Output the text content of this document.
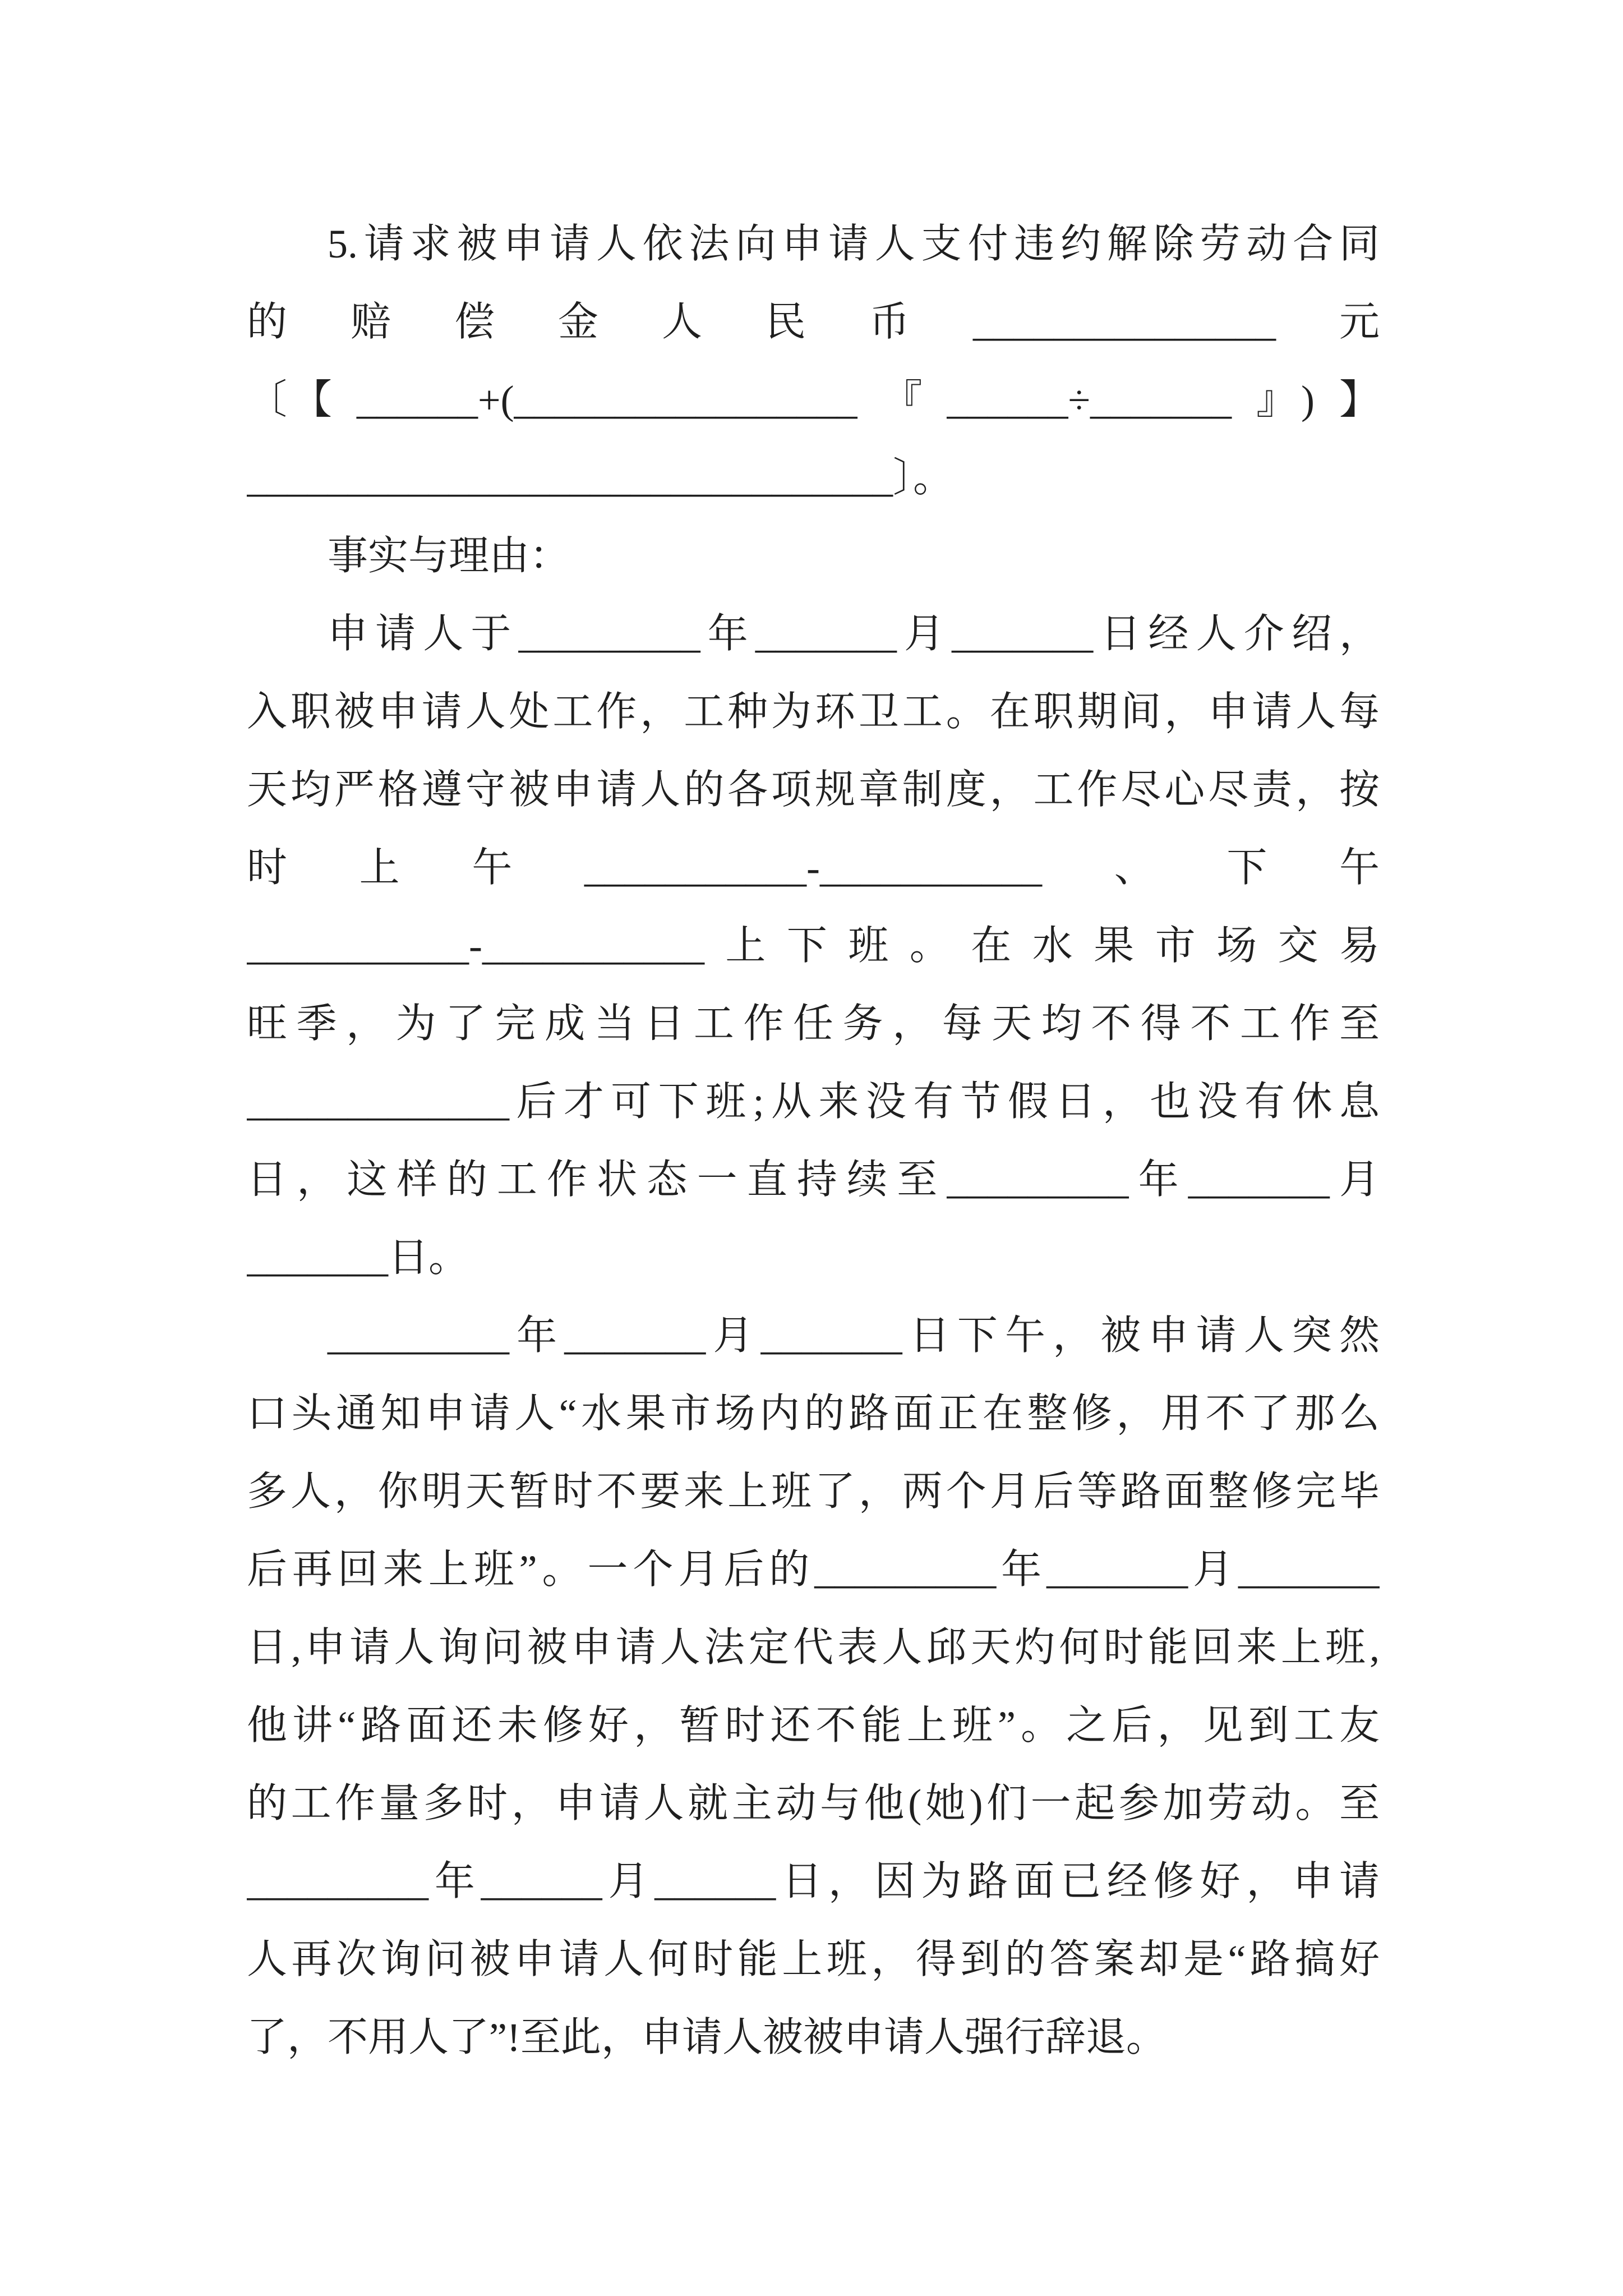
5.请求被申请人依法向申请人支付违约解除劳动合同
的赔偿金人民币_______________元
〔【______+(_________________『______÷_______』)】
________________________________〕。
事实与理由：
申请人于_________年_______月_______日经人介绍，
入职被申请人处工作，工种为环卫工。在职期间，申请人每
天均严格遵守被申请人的各项规章制度，工作尽心尽责，按
时上午___________-___________、下午
___________-___________上下班。在水果市场交易
旺季，为了完成当日工作任务，每天均不得不工作至
_____________后才可下班;从来没有节假日，也没有休息
日，这样的工作状态一直持续至_________年_______月
_______日。
_________年_______月_______日下午，被申请人突然
口头通知申请人“水果市场内的路面正在整修，用不了那么
多人，你明天暂时不要来上班了，两个月后等路面整修完毕
后再回来上班”。一个月后的_________年_______月_______
日,申请人询问被申请人法定代表人邱天灼何时能回来上班,
他讲“路面还未修好，暂时还不能上班”。之后，见到工友
的工作量多时，申请人就主动与他(她)们一起参加劳动。至
_________年______月______日，因为路面已经修好，申请
人再次询问被申请人何时能上班，得到的答案却是“路搞好
了，不用人了”!至此，申请人被被申请人强行辞退。
